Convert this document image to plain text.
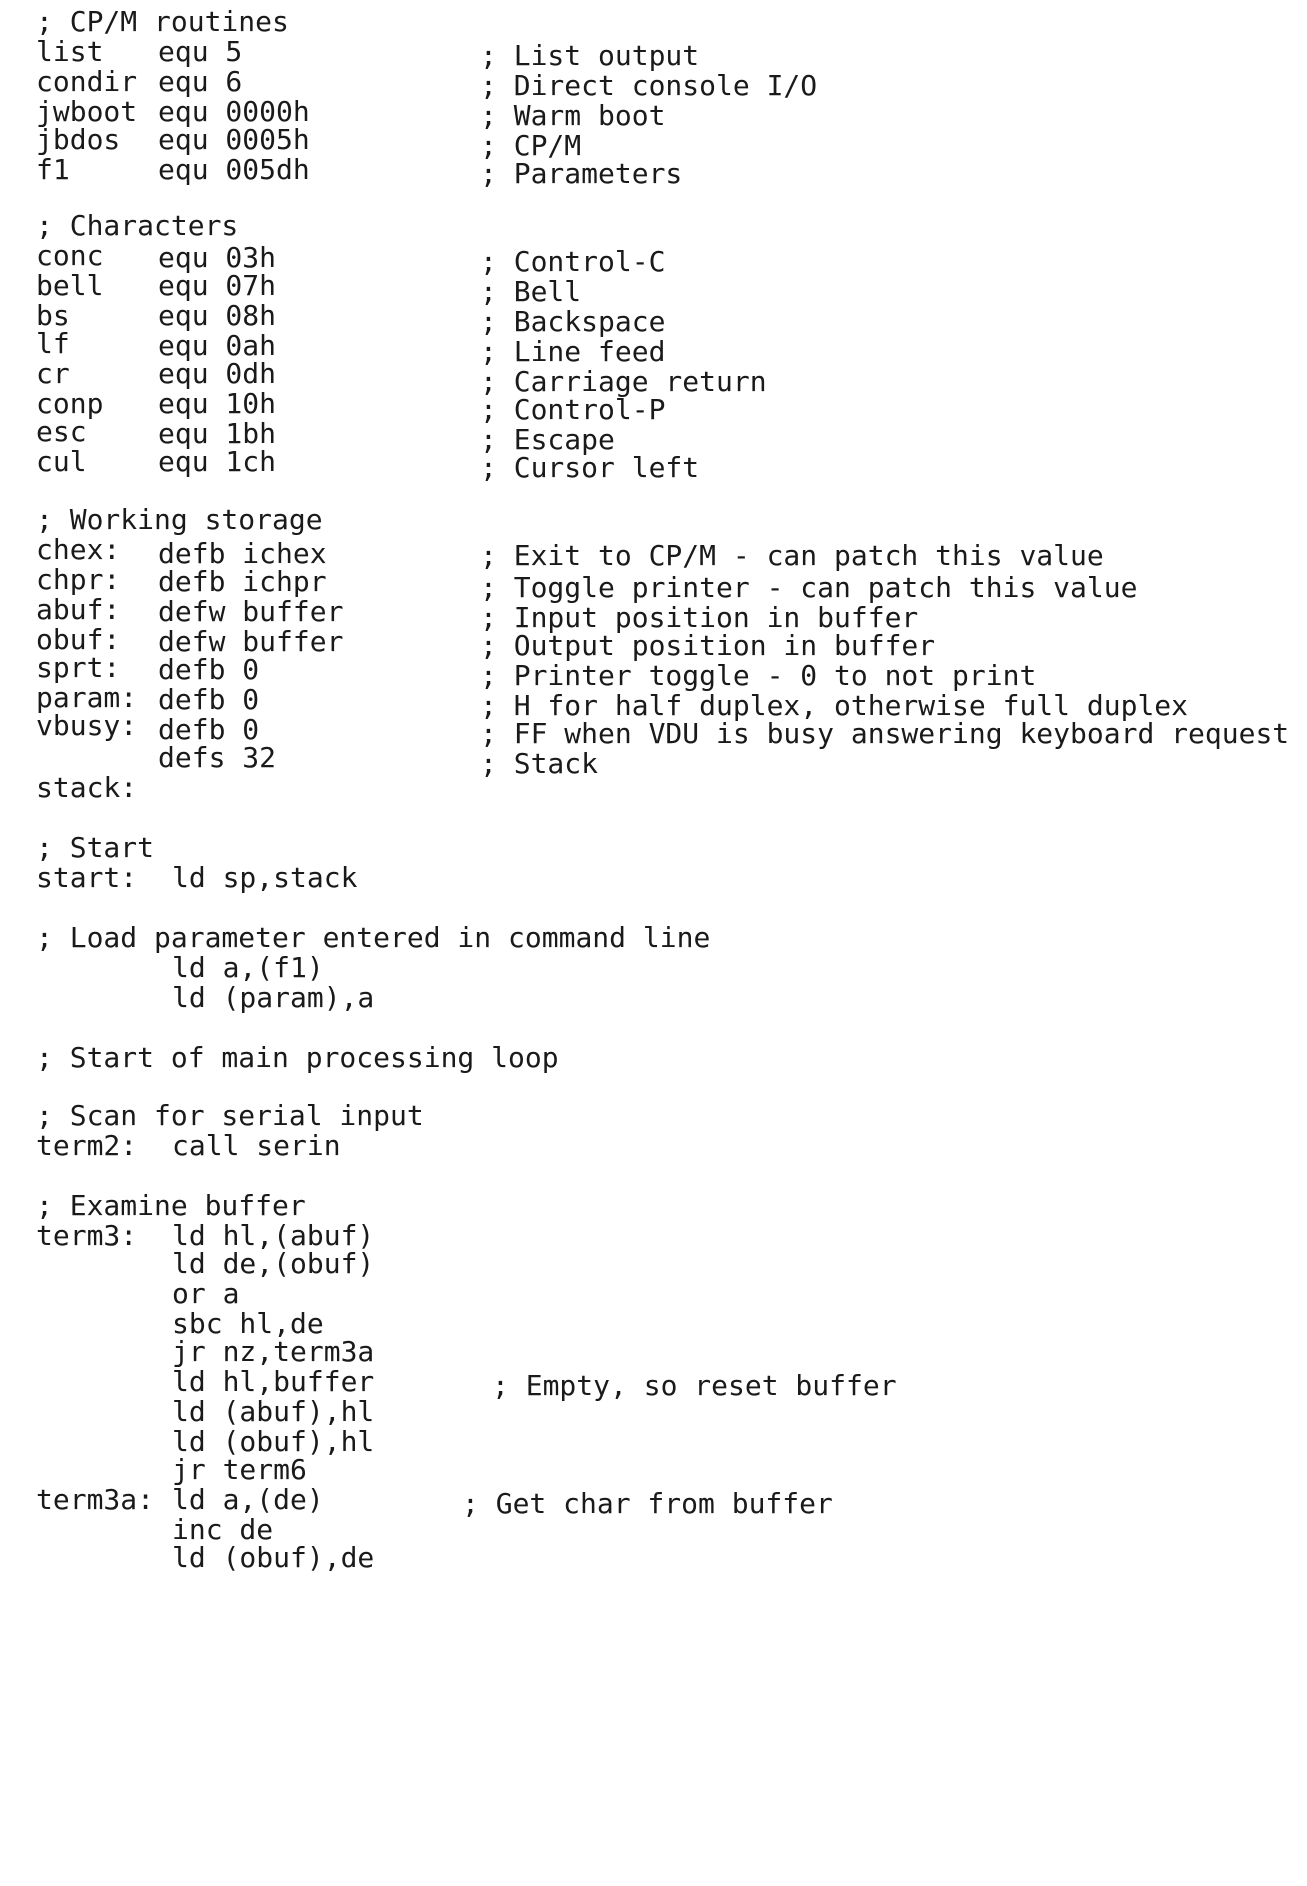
; CP/M routines
list equ 5	; List output
condir equ 6	; Direct console I/O
jwboot equ 0000h	; Warm boot
jbdos equ 0005h	; CP/M
f1	equ 005dh	; Parameters
; Characters
conc equ 03h	; Control-C
bell equ 07h	; Bell
bs	equ 08h	; Backspace
lf	equ 0ah	; Line feed
cr	equ 0dh	; Carriage return
conp equ 10h	; Control-P
esc	equ 1bh	; Escape
cul	equ 1ch	; Cursor left
; Working storage
chex: defb ichex	; Exit to CP/M - can patch this value
chpr: defb ichpr	; Toggle printer - can patch this value
abuf: defw buffer	; Input position in buffer
obuf: defw buffer	; Output position in buffer
sprt: defb 0	; Printer toggle - 0 to not print
param: defb 0	; H for half duplex, otherwise full duplex
vbusy: defb 0	; FF when VDU is busy answering keyboard request
defs 32	; Stack
stack:
; Start
start: ld sp,stack
; Load parameter entered in command line
ld a,(f1)
ld (param),a
; Start of main processing loop
; Scan for serial input
term2: call serin
; Examine buffer
term3: ld hl,(abuf)
ld de,(obuf)
or a
sbc hl,de
jr nz,term3a
ld hl,buffer	; Empty, so reset buffer
ld (abuf),hl
ld (obuf),hl
jr term6
term3a: ld a,(de)	; Get char from buffer
inc de
ld (obuf),de
